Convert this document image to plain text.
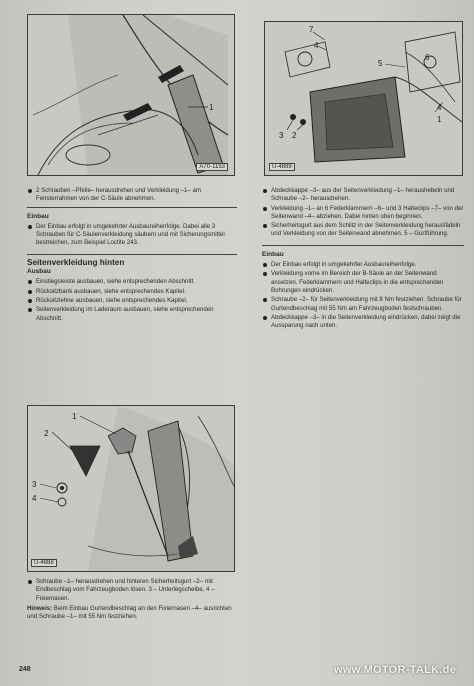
1
A70-1153
7
4
5
6
4
1
3 2
U-4889
2 Schrauben –Pfeile– herausdrehen und Verkleidung –1– am Fensterrahmen von der C-Säule abnehmen.
Einbau
Der Einbau erfolgt in umgekehrter Ausbaureihenfolge. Dabei alle 3 Schrauben für C-Säulenverkleidung säubern und mit Sicherungsmittel bestreichen, zum Beispiel Loctite 243.
Seitenverkleidung hinten
Ausbau
Einstiegsleiste ausbauen, siehe entsprechenden Abschnitt.
Rücksitzbank ausbauen, siehe entsprechendes Kapitel.
Rücksitzlehne ausbauen, siehe entsprechendes Kapitel.
Seitenverkleidung im Laderaum ausbauen, siehe entsprechenden Abschnitt.
1
2
3
4
U-4888
Schraube –1– herausdrehen und hinteren Sicherheitsgurt –2– mit Endbeschlag vom Fahrzeugboden lösen. 3 – Unterlegscheibe, 4 – Fixiernasen.
Hinweis: Beim Einbau Gurtendbeschlag an den Fixiernasen –4– ausrichten und Schraube –1– mit 55 Nm festziehen.
Abdeckkappe –3– aus der Seitenverkleidung –1– heraushebeln und Schraube –2– herausdrehen.
Verkleidung –1– an 6 Federklammern –6– und 3 Halteclips –7– von der Seitenwand –4– abziehen. Dabei hinten oben beginnen.
Sicherheitsgurt aus dem Schlitz in der Seitenverkleidung herausfädeln und Verkleidung von der Seitenwand abnehmen. 5 – Gurtführung.
Einbau
Der Einbau erfolgt in umgekehrter Ausbaureihenfolge.
Verkleidung vorne im Bereich der B-Säule an der Seitenwand ansetzen. Federklammern und Halteclips in die entsprechenden Bohrungen eindrücken.
Schraube –2– für Seitenverkleidung mit 8 Nm festziehen. Schraube für Gurtendbeschlag mit 55 Nm am Fahrzeugboden festschrauben.
Abdeckkappe –3– in die Seitenverkleidung eindrücken, dabei zeigt die Aussparung nach unten.
248	www.MOTOR-TALK.de
